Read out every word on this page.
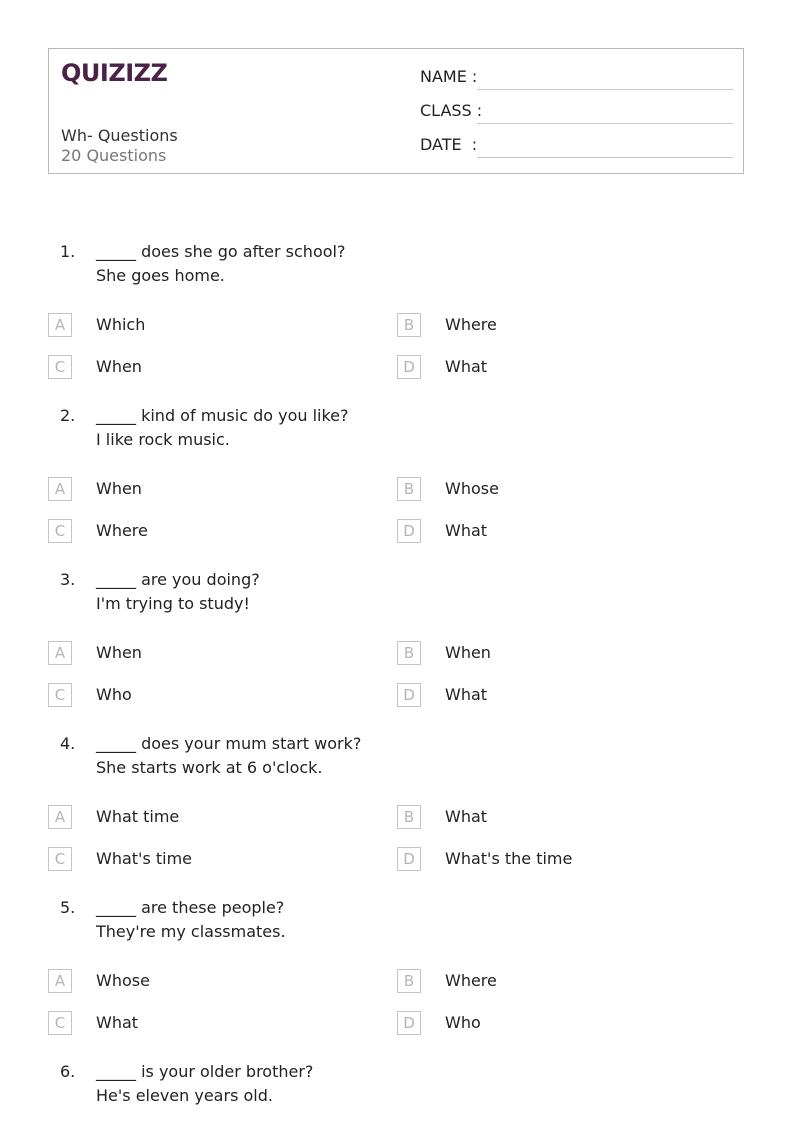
QUIZIZZ
Wh- Questions
20 Questions
NAME :
CLASS :
DATE  :
1. _____ does she go after school?
She goes home.
A	Which	B	Where
C	When	D	What
2. _____ kind of music do you like?
I like rock music.
A	When	B	Whose
C	Where	D	What
3. _____ are you doing?
I'm trying to study!
A	When	B	When
C	Who	D	What
4. _____ does your mum start work?
She starts work at 6 o'clock.
A	What time	B	What
C	What's time	D	What's the time
5. _____ are these people?
They're my classmates.
A	Whose	B	Where
C	What	D	Who
6. _____ is your older brother?
He's eleven years old.
